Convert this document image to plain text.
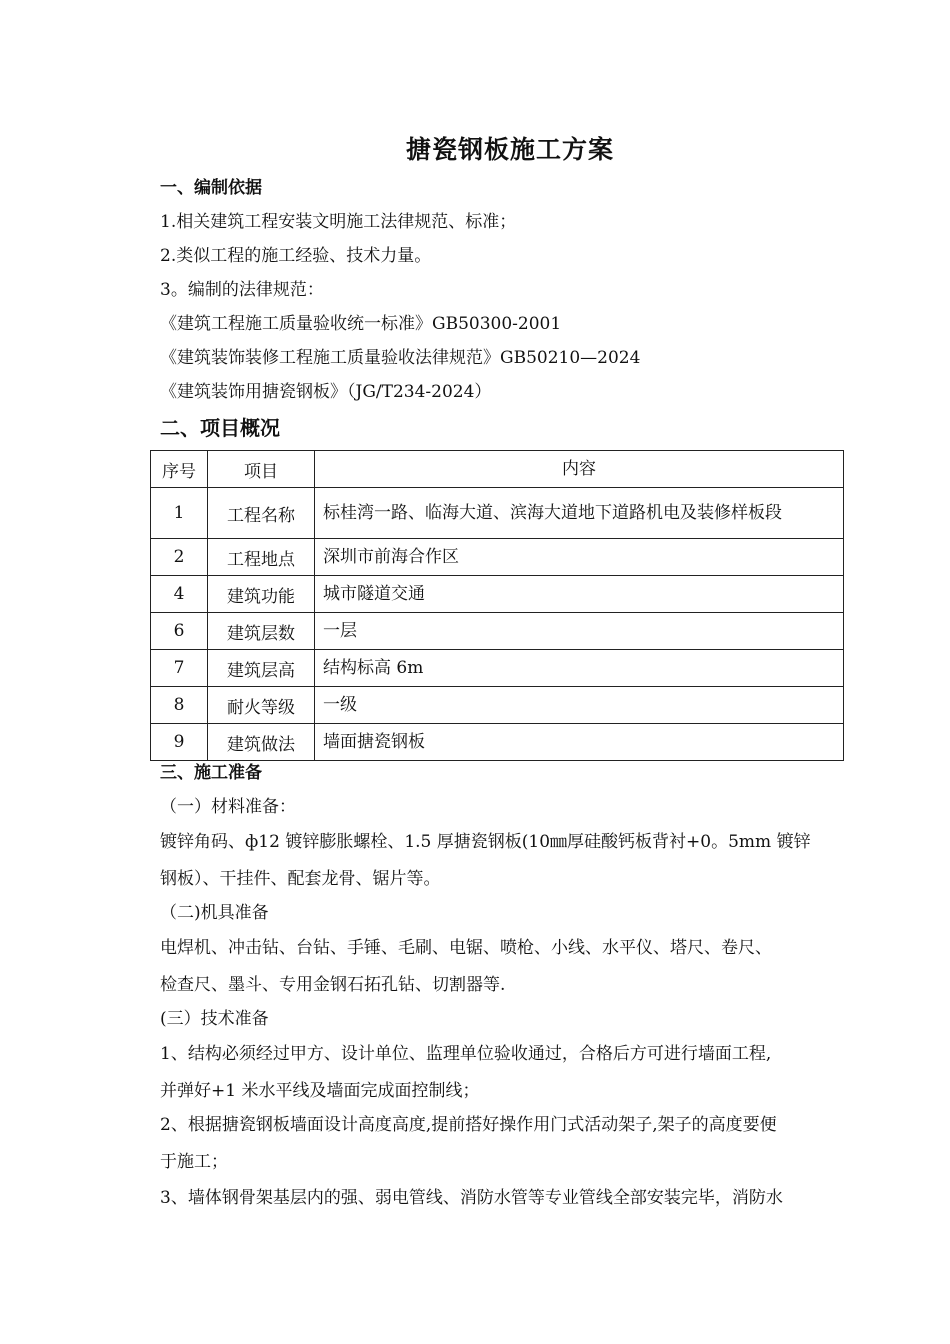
搪瓷钢板施工方案
一、编制依据
1.相关建筑工程安装文明施工法律规范、标准；
2.类似工程的施工经验、技术力量。
3。编制的法律规范：
《建筑工程施工质量验收统一标准》GB50300-2001
《建筑装饰装修工程施工质量验收法律规范》GB50210—2024
《建筑装饰用搪瓷钢板》（JG/T234-2024）
二、项目概况
序号	项目	内容
1	工程名称	标桂湾一路、临海大道、滨海大道地下道路机电及装修样板段
2	工程地点	深圳市前海合作区
4	建筑功能	城市隧道交通
6	建筑层数	一层
7	建筑层高	结构标高 6m
8	耐火等级	一级
9	建筑做法	墙面搪瓷钢板
三、施工准备
（一）材料准备：
镀锌角码、ф12 镀锌膨胀螺栓、1.5 厚搪瓷钢板(10㎜厚硅酸钙板背衬+0。5mm 镀锌
钢板）、干挂件、配套龙骨、锯片等。
（二)机具准备
电焊机、冲击钻、台钻、手锤、毛刷、电锯、喷枪、小线、水平仪、塔尺、卷尺、
检查尺、墨斗、专用金钢石拓孔钻、切割器等.
(三）技术准备
1、结构必须经过甲方、设计单位、监理单位验收通过，合格后方可进行墙面工程,
并弹好+1 米水平线及墙面完成面控制线；
2、根据搪瓷钢板墙面设计高度高度,提前搭好操作用门式活动架子,架子的高度要便
于施工；
3、墙体钢骨架基层内的强、弱电管线、消防水管等专业管线全部安装完毕，消防水
